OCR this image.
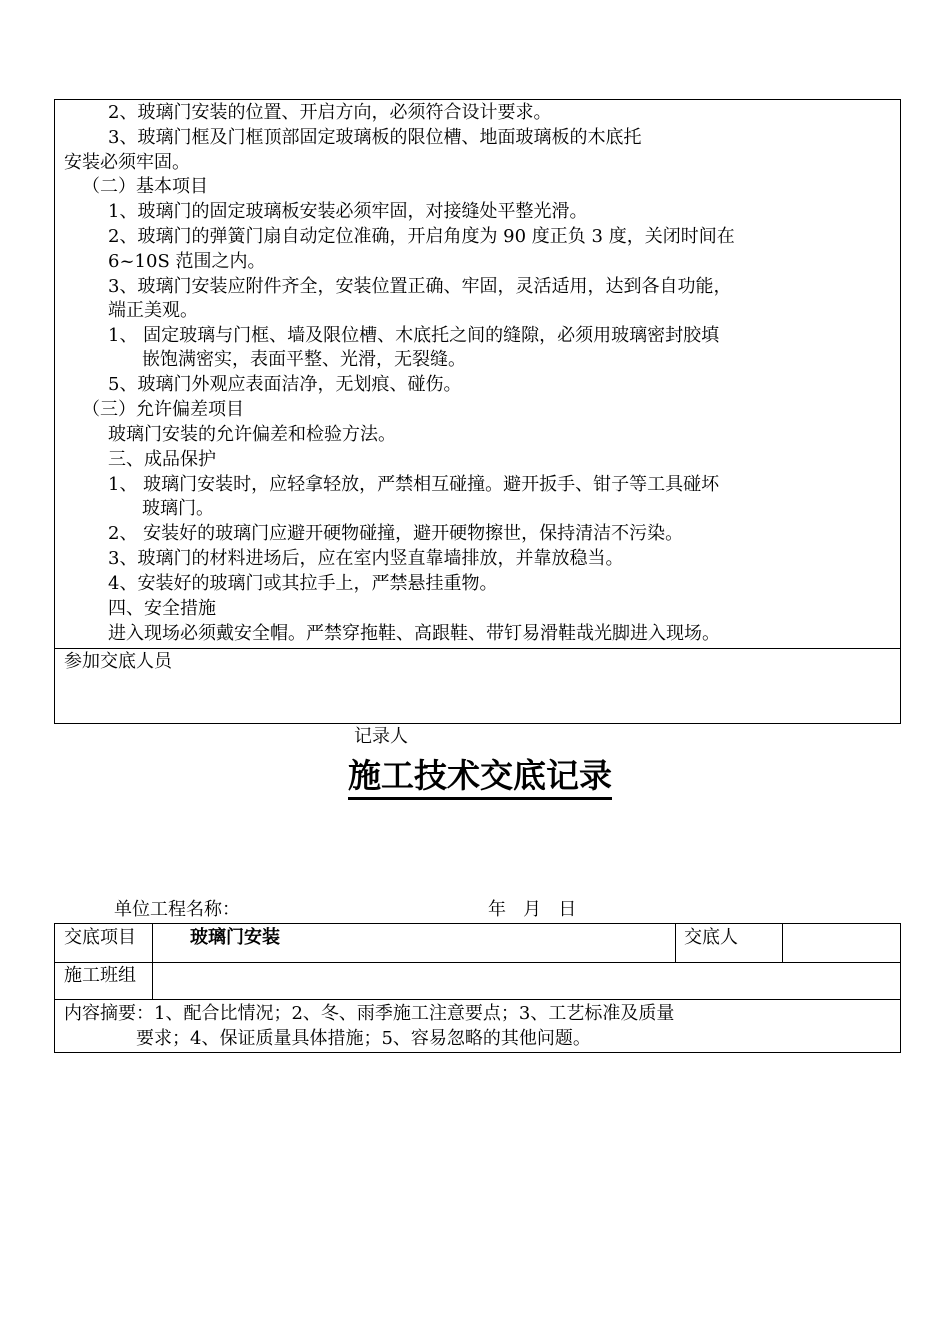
2、玻璃门安装的位置、开启方向，必须符合设计要求。
3、玻璃门框及门框顶部固定玻璃板的限位槽、地面玻璃板的木底托
安装必须牢固。
（二）基本项目
1、玻璃门的固定玻璃板安装必须牢固，对接缝处平整光滑。
2、玻璃门的弹簧门扇自动定位准确，开启角度为 90 度正负 3 度，关闭时间在
6~10S 范围之内。
3、玻璃门安装应附件齐全，安装位置正确、牢固，灵活适用，达到各自功能，
端正美观。
1、 固定玻璃与门框、墙及限位槽、木底托之间的缝隙，必须用玻璃密封胶填
嵌饱满密实，表面平整、光滑，无裂缝。
5、玻璃门外观应表面洁净，无划痕、碰伤。
（三）允许偏差项目
玻璃门安装的允许偏差和检验方法。
三、成品保护
1、 玻璃门安装时，应轻拿轻放，严禁相互碰撞。避开扳手、钳子等工具碰坏
玻璃门。
2、 安装好的玻璃门应避开硬物碰撞，避开硬物擦世，保持清洁不污染。
3、玻璃门的材料进场后，应在室内竖直靠墙排放，并靠放稳当。
4、安装好的玻璃门或其拉手上，严禁悬挂重物。
四、安全措施
进入现场必须戴安全帽。严禁穿拖鞋、高跟鞋、带钉易滑鞋哉光脚进入现场。
参加交底人员
记录人
施工技术交底记录
单位工程名称：	年   月   日
交底项目	玻璃门安装	交底人
施工班组
内容摘要：1、配合比情况；2、冬、雨季施工注意要点；3、工艺标准及质量
要求；4、保证质量具体措施；5、容易忽略的其他问题。
